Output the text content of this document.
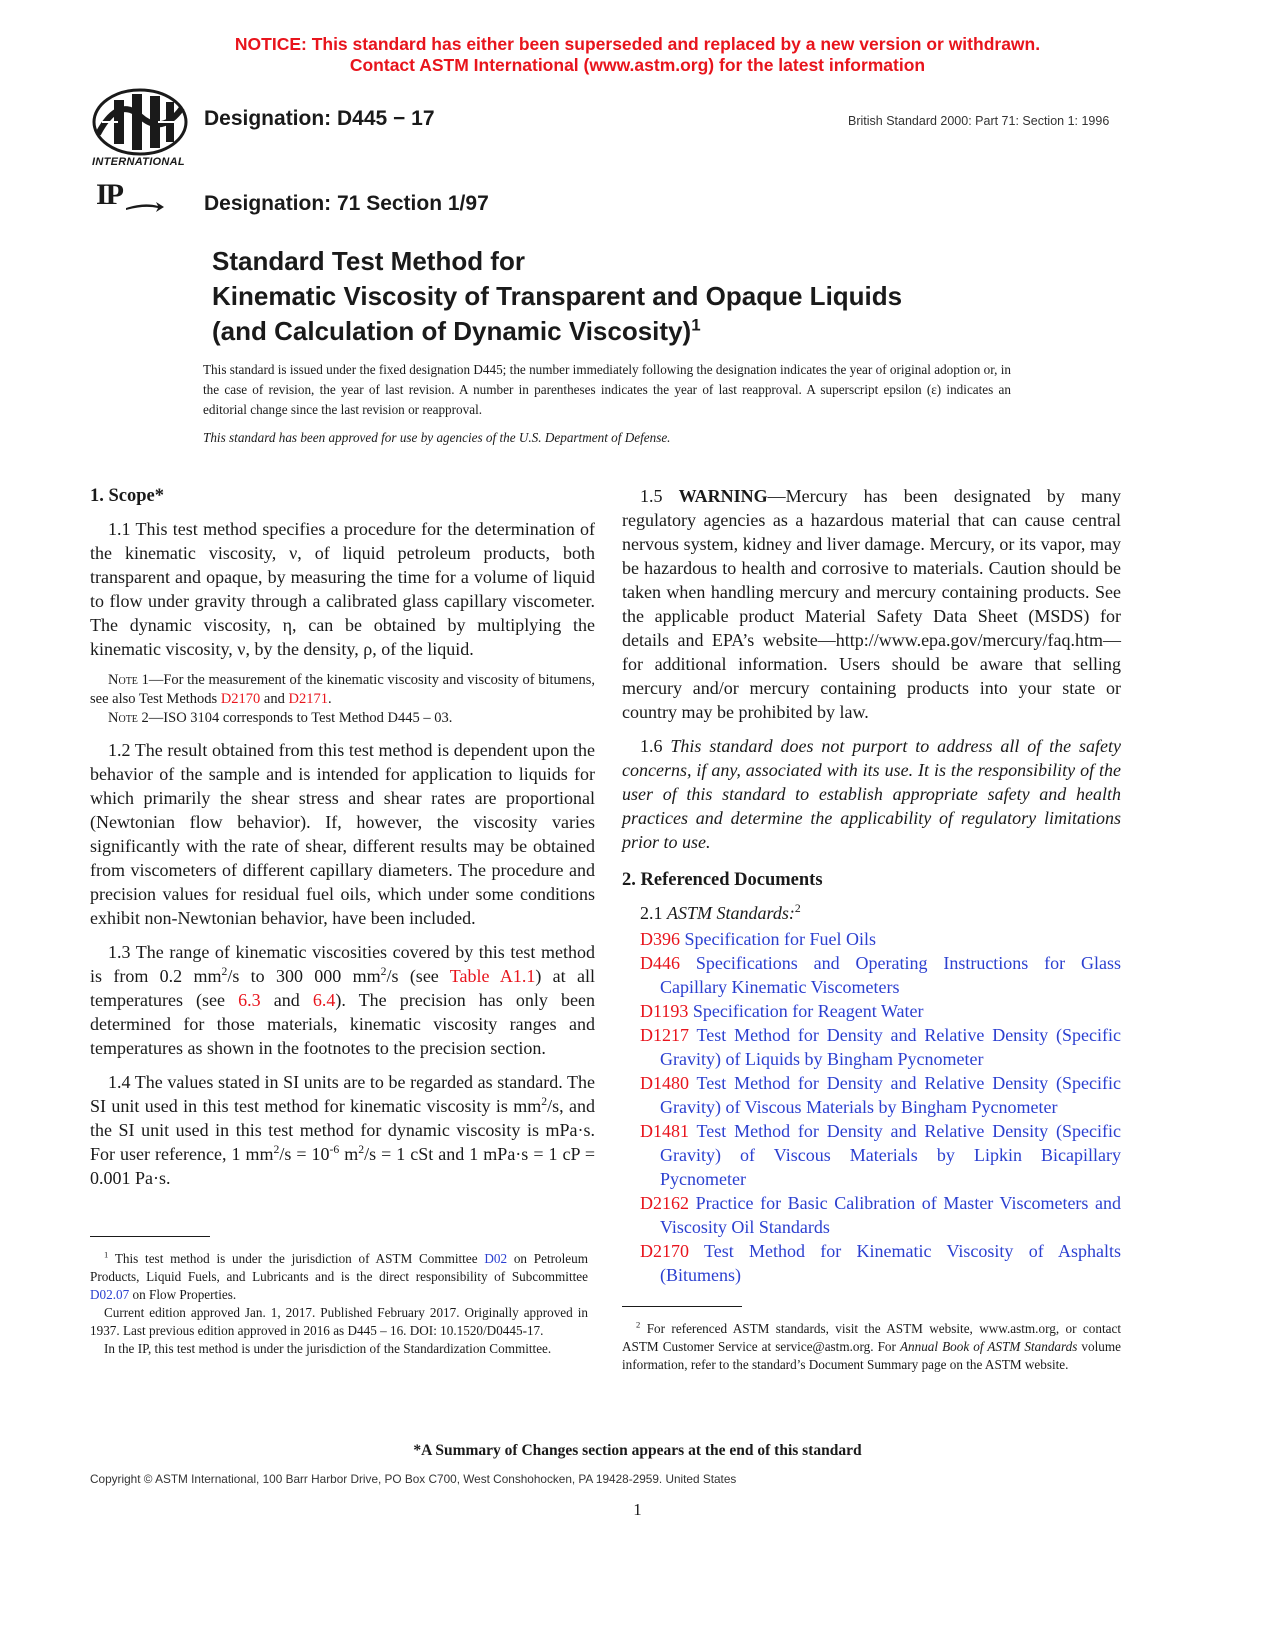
NOTICE: This standard has either been superseded and replaced by a new version or withdrawn.
Contact ASTM International (www.astm.org) for the latest information
INTERNATIONAL
Designation: D445 − 17	British Standard 2000: Part 71: Section 1: 1996
IP	Designation: 71 Section 1/97
Standard Test Method for
Kinematic Viscosity of Transparent and Opaque Liquids
(and Calculation of Dynamic Viscosity)$^1$
This standard is issued under the fixed designation D445; the number immediately following the designation indicates the year of original adoption or, in the case of revision, the year of last revision. A number in parentheses indicates the year of last reapproval. A superscript epsilon (ε) indicates an editorial change since the last revision or reapproval.
This standard has been approved for use by agencies of the U.S. Department of Defense.
1. Scope*

1.1 This test method specifies a procedure for the determination of the kinematic viscosity, ν, of liquid petroleum products, both transparent and opaque, by measuring the time for a volume of liquid to flow under gravity through a calibrated glass capillary viscometer. The dynamic viscosity, η, can be obtained by multiplying the kinematic viscosity, ν, by the density, ρ, of the liquid.

Note 1—For the measurement of the kinematic viscosity and viscosity of bitumens, see also Test Methods D2170 and D2171.
Note 2—ISO 3104 corresponds to Test Method D445 – 03.

1.2 The result obtained from this test method is dependent upon the behavior of the sample and is intended for application to liquids for which primarily the shear stress and shear rates are proportional (Newtonian flow behavior). If, however, the viscosity varies significantly with the rate of shear, different results may be obtained from viscometers of different capillary diameters. The procedure and precision values for residual fuel oils, which under some conditions exhibit non-Newtonian behavior, have been included.

1.3 The range of kinematic viscosities covered by this test method is from 0.2 $mm^2/s$ to 300 000 $mm^2/s$ (see Table A1.1) at all temperatures (see 6.3 and 6.4). The precision has only been determined for those materials, kinematic viscosity ranges and temperatures as shown in the footnotes to the precision section.

1.4 The values stated in SI units are to be regarded as standard. The SI unit used in this test method for kinematic viscosity is $mm^2/s$, and the SI unit used in this test method for dynamic viscosity is mPa·s. For user reference, 1 $mm^2/s = 10^{-6}$ $m^2/s = 1$ cSt and 1 mPa·s = 1 cP = 0.001 Pa·s.

$^1$ This test method is under the jurisdiction of ASTM Committee D02 on Petroleum Products, Liquid Fuels, and Lubricants and is the direct responsibility of Subcommittee D02.07 on Flow Properties.

Current edition approved Jan. 1, 2017. Published February 2017. Originally approved in 1937. Last previous edition approved in 2016 as D445 – 16. DOI: 10.1520/D0445-17.

In the IP, this test method is under the jurisdiction of the Standardization Committee.

1.5 WARNING—Mercury has been designated by many regulatory agencies as a hazardous material that can cause central nervous system, kidney and liver damage. Mercury, or its vapor, may be hazardous to health and corrosive to materials. Caution should be taken when handling mercury and mercury containing products. See the applicable product Material Safety Data Sheet (MSDS) for details and EPA’s website—http://www.epa.gov/mercury/faq.htm—for additional information. Users should be aware that selling mercury and/or mercury containing products into your state or country may be prohibited by law.

1.6 This standard does not purport to address all of the safety concerns, if any, associated with its use. It is the responsibility of the user of this standard to establish appropriate safety and health practices and determine the applicability of regulatory limitations prior to use.

2. Referenced Documents
2.1 ASTM Standards:$^2$
D396 Specification for Fuel Oils
D446 Specifications and Operating Instructions for Glass Capillary Kinematic Viscometers
D1193 Specification for Reagent Water
D1217 Test Method for Density and Relative Density (Specific Gravity) of Liquids by Bingham Pycnometer
D1480 Test Method for Density and Relative Density (Specific Gravity) of Viscous Materials by Bingham Pycnometer
D1481 Test Method for Density and Relative Density (Specific Gravity) of Viscous Materials by Lipkin Bicapillary Pycnometer
D2162 Practice for Basic Calibration of Master Viscometers and Viscosity Oil Standards
D2170 Test Method for Kinematic Viscosity of Asphalts (Bitumens)

$^2$ For referenced ASTM standards, visit the ASTM website, www.astm.org, or contact ASTM Customer Service at service@astm.org. For Annual Book of ASTM Standards volume information, refer to the standard’s Document Summary page on the ASTM website.

*A Summary of Changes section appears at the end of this standard
Copyright © ASTM International, 100 Barr Harbor Drive, PO Box C700, West Conshohocken, PA 19428-2959. United States
1
